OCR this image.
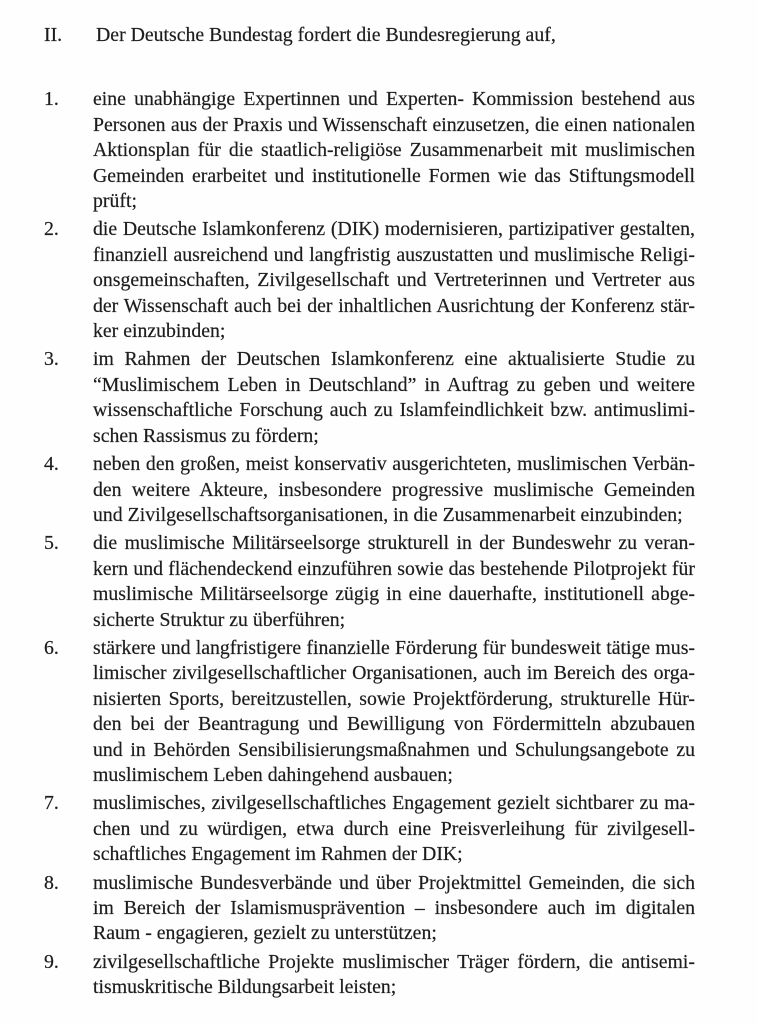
II.	Der Deutsche Bundestag fordert die Bundesregierung auf,
1.	eine unabhängige Expertinnen und Experten- Kommission bestehend aus
Personen aus der Praxis und Wissenschaft einzusetzen, die einen nationalen
Aktionsplan für die staatlich-religiöse Zusammenarbeit mit muslimischen
Gemeinden erarbeitet und institutionelle Formen wie das Stiftungsmodell
prüft;
2.	die Deutsche Islamkonferenz (DIK) modernisieren, partizipativer gestalten,
finanziell ausreichend und langfristig auszustatten und muslimische Religi-
onsgemeinschaften, Zivilgesellschaft und Vertreterinnen und Vertreter aus
der Wissenschaft auch bei der inhaltlichen Ausrichtung der Konferenz stär-
ker einzubinden;
3.	im Rahmen der Deutschen Islamkonferenz eine aktualisierte Studie zu
“Muslimischem Leben in Deutschland” in Auftrag zu geben und weitere
wissenschaftliche Forschung auch zu Islamfeindlichkeit bzw. antimuslimi-
schen Rassismus zu fördern;
4.	neben den großen, meist konservativ ausgerichteten, muslimischen Verbän-
den weitere Akteure, insbesondere progressive muslimische Gemeinden
und Zivilgesellschaftsorganisationen, in die Zusammenarbeit einzubinden;
5.	die muslimische Militärseelsorge strukturell in der Bundeswehr zu veran-
kern und flächendeckend einzuführen sowie das bestehende Pilotprojekt für
muslimische Militärseelsorge zügig in eine dauerhafte, institutionell abge-
sicherte Struktur zu überführen;
6.	stärkere und langfristigere finanzielle Förderung für bundesweit tätige mus-
limischer zivilgesellschaftlicher Organisationen, auch im Bereich des orga-
nisierten Sports, bereitzustellen, sowie Projektförderung, strukturelle Hür-
den bei der Beantragung und Bewilligung von Fördermitteln abzubauen
und in Behörden Sensibilisierungsmaßnahmen und Schulungsangebote zu
muslimischem Leben dahingehend ausbauen;
7.	muslimisches, zivilgesellschaftliches Engagement gezielt sichtbarer zu ma-
chen und zu würdigen, etwa durch eine Preisverleihung für zivilgesell-
schaftliches Engagement im Rahmen der DIK;
8.	muslimische Bundesverbände und über Projektmittel Gemeinden, die sich
im Bereich der Islamismusprävention – insbesondere auch im digitalen
Raum - engagieren, gezielt zu unterstützen;
9.	zivilgesellschaftliche Projekte muslimischer Träger fördern, die antisemi-
tismuskritische Bildungsarbeit leisten;
